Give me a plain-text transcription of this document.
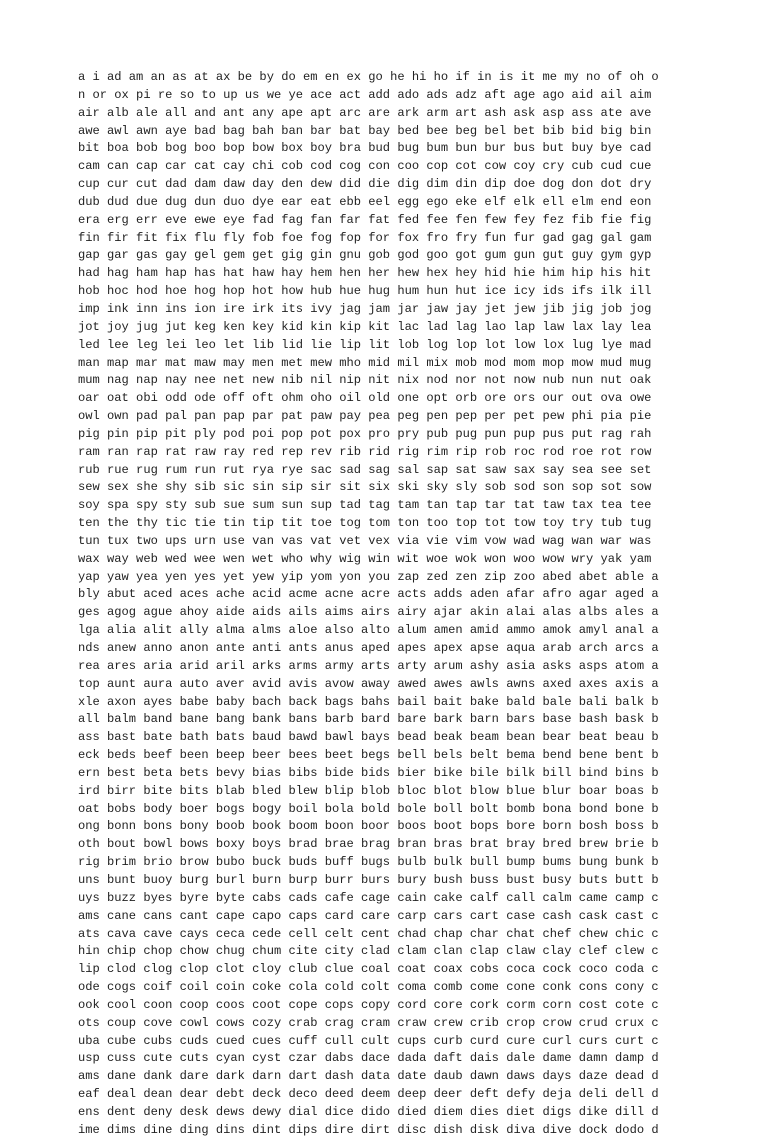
a i ad am an as at ax be by do em en ex go he hi ho if in is it me my no of oh o
n or ox pi re so to up us we ye ace act add ado ads adz aft age ago aid ail aim
air alb ale all and ant any ape apt arc are ark arm art ash ask asp ass ate ave
awe awl awn aye bad bag bah ban bar bat bay bed bee beg bel bet bib bid big bin
bit boa bob bog boo bop bow box boy bra bud bug bum bun bur bus but buy bye cad
cam can cap car cat cay chi cob cod cog con coo cop cot cow coy cry cub cud cue
cup cur cut dad dam daw day den dew did die dig dim din dip doe dog don dot dry
dub dud due dug dun duo dye ear eat ebb eel egg ego eke elf elk ell elm end eon
era erg err eve ewe eye fad fag fan far fat fed fee fen few fey fez fib fie fig
fin fir fit fix flu fly fob foe fog fop for fox fro fry fun fur gad gag gal gam
gap gar gas gay gel gem get gig gin gnu gob god goo got gum gun gut guy gym gyp
had hag ham hap has hat haw hay hem hen her hew hex hey hid hie him hip his hit
hob hoc hod hoe hog hop hot how hub hue hug hum hun hut ice icy ids ifs ilk ill
imp ink inn ins ion ire irk its ivy jag jam jar jaw jay jet jew jib jig job jog
jot joy jug jut keg ken key kid kin kip kit lac lad lag lao lap law lax lay lea
led lee leg lei leo let lib lid lie lip lit lob log lop lot low lox lug lye mad
man map mar mat maw may men met mew mho mid mil mix mob mod mom mop mow mud mug
mum nag nap nay nee net new nib nil nip nit nix nod nor not now nub nun nut oak
oar oat obi odd ode off oft ohm oho oil old one opt orb ore ors our out ova owe
owl own pad pal pan pap par pat paw pay pea peg pen pep per pet pew phi pia pie
pig pin pip pit ply pod poi pop pot pox pro pry pub pug pun pup pus put rag rah
ram ran rap rat raw ray red rep rev rib rid rig rim rip rob roc rod roe rot row
rub rue rug rum run rut rya rye sac sad sag sal sap sat saw sax say sea see set
sew sex she shy sib sic sin sip sir sit six ski sky sly sob sod son sop sot sow
soy spa spy sty sub sue sum sun sup tad tag tam tan tap tar tat taw tax tea tee
ten the thy tic tie tin tip tit toe tog tom ton too top tot tow toy try tub tug
tun tux two ups urn use van vas vat vet vex via vie vim vow wad wag wan war was
wax way web wed wee wen wet who why wig win wit woe wok won woo wow wry yak yam
yap yaw yea yen yes yet yew yip yom yon you zap zed zen zip zoo abed abet able a
bly abut aced aces ache acid acme acne acre acts adds aden afar afro agar aged a
ges agog ague ahoy aide aids ails aims airs airy ajar akin alai alas albs ales a
lga alia alit ally alma alms aloe also alto alum amen amid ammo amok amyl anal a
nds anew anno anon ante anti ants anus aped apes apex apse aqua arab arch arcs a
rea ares aria arid aril arks arms army arts arty arum ashy asia asks asps atom a
top aunt aura auto aver avid avis avow away awed awes awls awns axed axes axis a
xle axon ayes babe baby bach back bags bahs bail bait bake bald bale bali balk b
all balm band bane bang bank bans barb bard bare bark barn bars base bash bask b
ass bast bate bath bats baud bawd bawl bays bead beak beam bean bear beat beau b
eck beds beef been beep beer bees beet begs bell bels belt bema bend bene bent b
ern best beta bets bevy bias bibs bide bids bier bike bile bilk bill bind bins b
ird birr bite bits blab bled blew blip blob bloc blot blow blue blur boar boas b
oat bobs body boer bogs bogy boil bola bold bole boll bolt bomb bona bond bone b
ong bonn bons bony boob book boom boon boor boos boot bops bore born bosh boss b
oth bout bowl bows boxy boys brad brae brag bran bras brat bray bred brew brie b
rig brim brio brow bubo buck buds buff bugs bulb bulk bull bump bums bung bunk b
uns bunt buoy burg burl burn burp burr burs bury bush buss bust busy buts butt b
uys buzz byes byre byte cabs cads cafe cage cain cake calf call calm came camp c
ams cane cans cant cape capo caps card care carp cars cart case cash cask cast c
ats cava cave cays ceca cede cell celt cent chad chap char chat chef chew chic c
hin chip chop chow chug chum cite city clad clam clan clap claw clay clef clew c
lip clod clog clop clot cloy club clue coal coat coax cobs coca cock coco coda c
ode cogs coif coil coin coke cola cold colt coma comb come cone conk cons cony c
ook cool coon coop coos coot cope cops copy cord core cork corm corn cost cote c
ots coup cove cowl cows cozy crab crag cram craw crew crib crop crow crud crux c
uba cube cubs cuds cued cues cuff cull cult cups curb curd cure curl curs curt c
usp cuss cute cuts cyan cyst czar dabs dace dada daft dais dale dame damn damp d
ams dane dank dare dark darn dart dash data date daub dawn daws days daze dead d
eaf deal dean dear debt deck deco deed deem deep deer deft defy deja deli dell d
ens dent deny desk dews dewy dial dice dido died diem dies diet digs dike dill d
ime dims dine ding dins dint dips dire dirt disc dish disk diva dive dock dodo d
